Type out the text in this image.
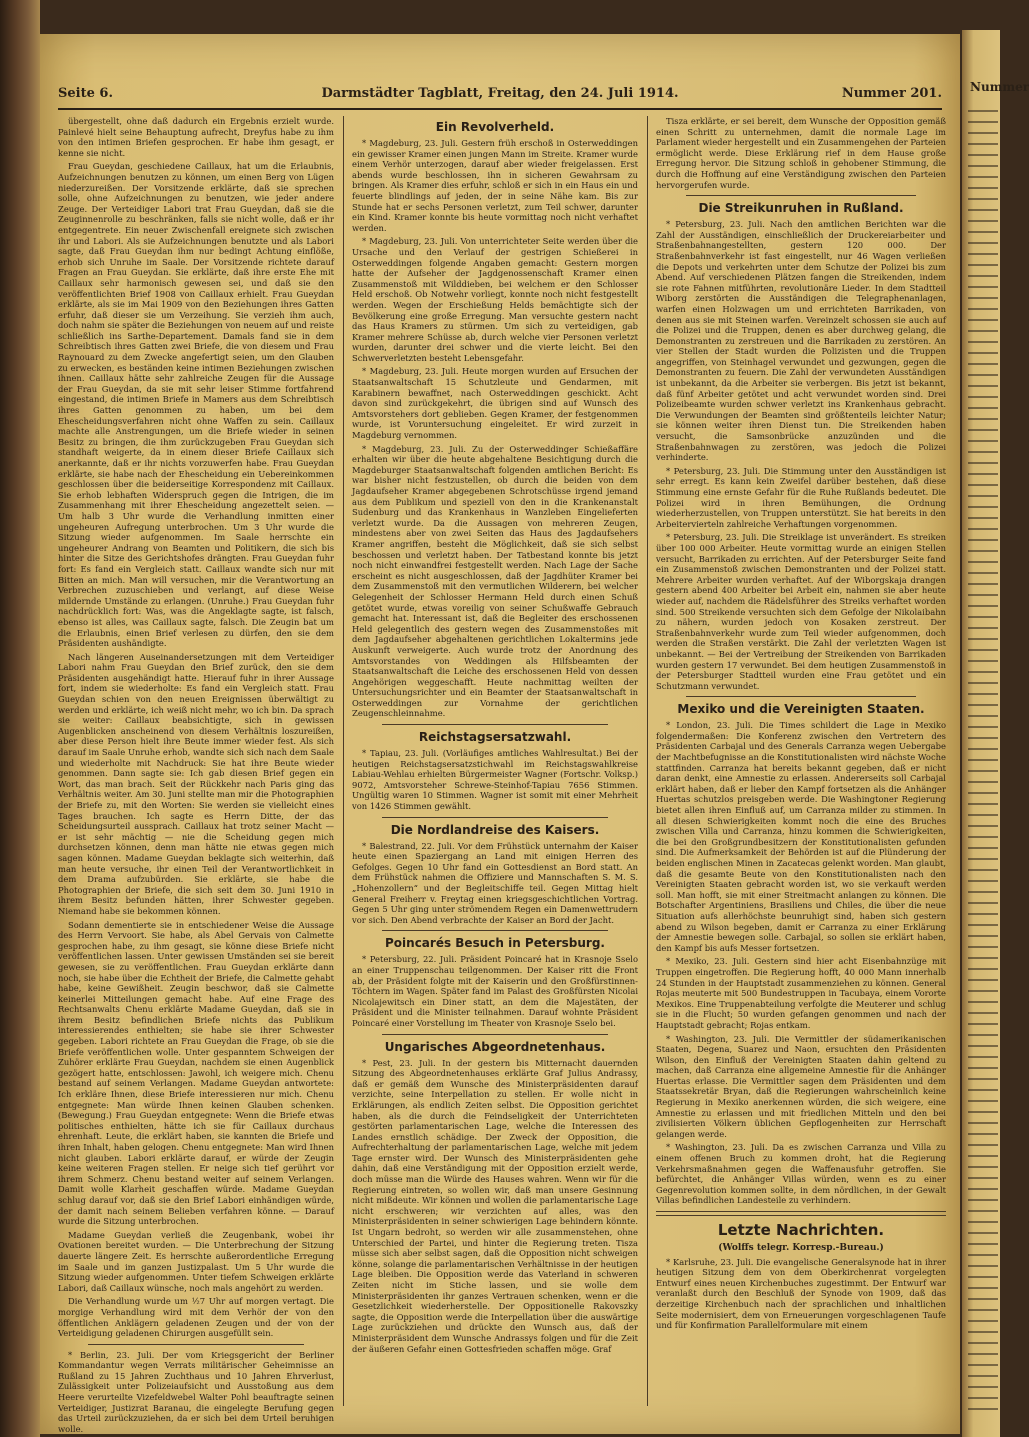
Seite 6.	Darmstädter Tagblatt, Freitag, den 24. Juli 1914.	Nummer 201.

übergestellt, ohne daß dadurch ein Ergebnis erzielt wurde. Painlevé hielt seine Behauptung aufrecht, Dreyfus habe zu ihm von den intimen Briefen gesprochen. Er habe ihm gesagt, er kenne sie nicht.

Frau Gueydan, geschiedene Caillaux, hat um die Erlaubnis, Aufzeichnungen benutzen zu können, um einen Berg von Lügen niederzureißen. Der Vorsitzende erklärte, daß sie sprechen solle, ohne Aufzeichnungen zu benutzen, wie jeder andere Zeuge. Der Verteidiger Labori trat Frau Gueydan, daß sie die Zeuginnenrolle zu beschränken, falls sie nicht wolle, daß er ihr entgegentrete. Ein neuer Zwischenfall ereignete sich zwischen ihr und Labori. Als sie Aufzeichnungen benutzte und als Labori sagte, daß Frau Gueydan ihm nur bedingt Achtung einflöße, erhob sich Unruhe im Saale. Der Vorsitzende richtete darauf Fragen an Frau Gueydan. Sie erklärte, daß ihre erste Ehe mit Caillaux sehr harmonisch gewesen sei, und daß sie den veröffentlichten Brief 1908 von Caillaux erhielt. Frau Gueydan erklärte, als sie im Mai 1909 von den Beziehungen ihres Gatten erfuhr, daß dieser sie um Verzeihung. Sie verzieh ihm auch, doch nahm sie später die Beziehungen von neuem auf und reiste schließlich ins Sarthe-Departement. Damals fand sie in dem Schreibtisch ihres Gatten zwei Briefe, die von diesem und Frau Raynouard zu dem Zwecke angefertigt seien, um den Glauben zu erwecken, es beständen keine intimen Beziehungen zwischen ihnen. Caillaux hätte sehr zahlreiche Zeugen für die Aussage der Frau Gueydan, da sie mit sehr leiser Stimme fortfahrend eingestand, die intimen Briefe in Mamers aus dem Schreibtisch ihres Gatten genommen zu haben, um bei dem Ehescheidungsverfahren nicht ohne Waffen zu sein. Caillaux machte alle Anstrengungen, um die Briefe wieder in seinen Besitz zu bringen, die ihm zurückzugeben Frau Gueydan sich standhaft weigerte, da in einem dieser Briefe Caillaux sich anerkannte, daß er ihr nichts vorzuwerfen habe. Frau Gueydan erklärte, sie habe nach der Ehescheidung ein Uebereinkommen geschlossen über die beiderseitige Korrespondenz mit Caillaux. Sie erhob lebhaften Widerspruch gegen die Intrigen, die im Zusammenhang mit ihrer Ehescheidung angezettelt seien. — Um halb 3 Uhr wurde die Verhandlung inmitten einer ungeheuren Aufregung unterbrochen. Um 3 Uhr wurde die Sitzung wieder aufgenommen. Im Saale herrschte ein ungeheurer Andrang von Beamten und Politikern, die sich bis hinter die Sitze des Gerichtshofes drängten. Frau Gueydan fuhr fort: Es fand ein Vergleich statt. Caillaux wandte sich nur mit Bitten an mich. Man will versuchen, mir die Verantwortung an Verbrechen zuzuschieben und verlangt, auf diese Weise mildernde Umstände zu erlangen. (Unruhe.) Frau Gueydan fuhr nachdrücklich fort: Was, was die Angeklagte sagte, ist falsch, ebenso ist alles, was Caillaux sagte, falsch. Die Zeugin bat um die Erlaubnis, einen Brief verlesen zu dürfen, den sie dem Präsidenten aushändigte.

Nach längeren Auseinandersetzungen mit dem Verteidiger Labori nahm Frau Gueydan den Brief zurück, den sie dem Präsidenten ausgehändigt hatte. Hierauf fuhr in ihrer Aussage fort, indem sie wiederholte: Es fand ein Vergleich statt. Frau Gueydan schien von den neuen Ereignissen überwältigt zu werden und erklärte, ich weiß nicht mehr, wo ich bin. Da sprach sie weiter: Caillaux beabsichtigte, sich in gewissen Augenblicken anscheinend von diesem Verhältnis loszureißen, aber diese Person hielt ihre Beute immer wieder fest. Als sich darauf im Saale Unruhe erhob, wandte sich sich nach dem Saale und wiederholte mit Nachdruck: Sie hat ihre Beute wieder genommen. Dann sagte sie: Ich gab diesen Brief gegen ein Wort, das man brach. Seit der Rückkehr nach Paris ging das Verhältnis weiter. Am 30. Juni stellte man mir die Photographien der Briefe zu, mit den Worten: Sie werden sie vielleicht eines Tages brauchen. Ich sagte es Herrn Ditte, der das Scheidungsurteil aussprach. Caillaux hat trotz seiner Macht — er ist sehr mächtig — nie die Scheidung gegen mich durchsetzen können, denn man hätte nie etwas gegen mich sagen können. Madame Gueydan beklagte sich weiterhin, daß man heute versuche, ihr einen Teil der Verantwortlichkeit in dem Drama aufzubürden. Sie erklärte, sie habe die Photographien der Briefe, die sich seit dem 30. Juni 1910 in ihrem Besitz befunden hätten, ihrer Schwester gegeben. Niemand habe sie bekommen können.

Sodann dementierte sie in entschiedener Weise die Aussage des Herrn Vervoort. Sie habe, als Abel Gervais von Calmette gesprochen habe, zu ihm gesagt, sie könne diese Briefe nicht veröffentlichen lassen. Unter gewissen Umständen sei sie bereit gewesen, sie zu veröffentlichen. Frau Gueydan erklärte dann noch, sie habe über die Echtheit der Briefe, die Calmette gehabt habe, keine Gewißheit. Zeugin beschwor, daß sie Calmette keinerlei Mitteilungen gemacht habe. Auf eine Frage des Rechtsanwalts Chenu erklärte Madame Gueydan, daß sie in ihrem Besitz befindlichen Briefe nichts das Publikum interessierendes enthielten; sie habe sie ihrer Schwester gegeben. Labori richtete an Frau Gueydan die Frage, ob sie die Briefe veröffentlichen wolle. Unter gespanntem Schweigen der Zuhörer erklärte Frau Gueydan, nachdem sie einen Augenblick gezögert hatte, entschlossen: Jawohl, ich weigere mich. Chenu bestand auf seinem Verlangen. Madame Gueydan antwortete: Ich erkläre Ihnen, diese Briefe interessieren nur mich. Chenu entgegnete: Man würde Ihnen keinen Glauben schenken. (Bewegung.) Frau Gueydan entgegnete: Wenn die Briefe etwas politisches enthielten, hätte ich sie für Caillaux durchaus ehrenhaft. Leute, die erklärt haben, sie kannten die Briefe und ihren Inhalt, haben gelogen. Chenu entgegnete: Man wird Ihnen nicht glauben. Labori erklärte darauf, er würde der Zeugin keine weiteren Fragen stellen. Er neige sich tief gerührt vor ihrem Schmerz. Chenu bestand weiter auf seinem Verlangen. Damit wolle Klarheit geschaffen würde. Madame Gueydan schlug darauf vor, daß sie den Brief Labori einhändigen würde, der damit nach seinem Belieben verfahren könne. — Darauf wurde die Sitzung unterbrochen.

Madame Gueydan verließ die Zeugenbank, wobei ihr Ovationen bereitet wurden. — Die Unterbrechung der Sitzung dauerte längere Zeit. Es herrschte außerordentliche Erregung im Saale und im ganzen Justizpalast. Um 5 Uhr wurde die Sitzung wieder aufgenommen. Unter tiefem Schweigen erklärte Labori, daß Caillaux wünsche, noch mals angehört zu werden.

Die Verhandlung wurde um ½7 Uhr auf morgen vertagt. Die morgige Verhandlung wird mit dem Verhör der von den öffentlichen Anklägern geladenen Zeugen und der von der Verteidigung geladenen Chirurgen ausgefüllt sein.

* Berlin, 23. Juli. Der vom Kriegsgericht der Berliner Kommandantur wegen Verrats militärischer Geheimnisse an Rußland zu 15 Jahren Zuchthaus und 10 Jahren Ehrverlust, Zulässigkeit unter Polizeiaufsicht und Ausstoßung aus dem Heere verurteilte Vizefeldwebel Walter Pohl beauftragte seinen Verteidiger, Justizrat Baranau, die eingelegte Berufung gegen das Urteil zurückzuziehen, da er sich bei dem Urteil beruhigen wolle.

Ein Revolverheld.

* Magdeburg, 23. Juli. Gestern früh erschoß in Osterweddingen ein gewisser Kramer einen jungen Mann im Streite. Kramer wurde einem Verhör unterzogen, darauf aber wieder freigelassen. Erst abends wurde beschlossen, ihn in sicheren Gewahrsam zu bringen. Als Kramer dies erfuhr, schloß er sich in ein Haus ein und feuerte blindlings auf jeden, der in seine Nähe kam. Bis zur Stunde hat er sechs Personen verletzt, zum Teil schwer, darunter ein Kind. Kramer konnte bis heute vormittag noch nicht verhaftet werden.

* Magdeburg, 23. Juli. Von unterrichteter Seite werden über die Ursache und den Verlauf der gestrigen Schießerei in Osterweddingen folgende Angaben gemacht: Gestern morgen hatte der Aufseher der Jagdgenossenschaft Kramer einen Zusammenstoß mit Wilddieben, bei welchem er den Schlosser Held erschoß. Ob Notwehr vorliegt, konnte noch nicht festgestellt werden. Wegen der Erschießung Helds bemächtigte sich der Bevölkerung eine große Erregung. Man versuchte gestern nacht das Haus Kramers zu stürmen. Um sich zu verteidigen, gab Kramer mehrere Schüsse ab, durch welche vier Personen verletzt wurden, darunter drei schwer und die vierte leicht. Bei den Schwerverletzten besteht Lebensgefahr.

* Magdeburg, 23. Juli. Heute morgen wurden auf Ersuchen der Staatsanwaltschaft 15 Schutzleute und Gendarmen, mit Karabinern bewaffnet, nach Osterweddingen geschickt. Acht davon sind zurückgekehrt, die übrigen sind auf Wunsch des Amtsvorstehers dort geblieben. Gegen Kramer, der festgenommen wurde, ist Voruntersuchung eingeleitet. Er wird zurzeit in Magdeburg vernommen.

* Magdeburg, 23. Juli. Zu der Osterweddinger Schießaffäre erhalten wir über die heute abgehaltene Besichtigung durch die Magdeburger Staatsanwaltschaft folgenden amtlichen Bericht: Es war bisher nicht festzustellen, ob durch die beiden von dem Jagdaufseher Kramer abgegebenen Schrotschüsse irgend jemand aus dem Publikum und speziell von den in die Krankenanstalt Sudenburg und das Krankenhaus in Wanzleben Eingelieferten verletzt wurde. Da die Aussagen von mehreren Zeugen, mindestens aber von zwei Seiten das Haus des Jagdaufsehers Kramer angriffen, besteht die Möglichkeit, daß sie sich selbst beschossen und verletzt haben. Der Tatbestand konnte bis jetzt noch nicht einwandfrei festgestellt werden. Nach Lage der Sache erscheint es nicht ausgeschlossen, daß der Jagdhüter Kramer bei dem Zusammenstoß mit den vermutlichen Wilderern, bei welcher Gelegenheit der Schlosser Hermann Held durch einen Schuß getötet wurde, etwas voreilig von seiner Schußwaffe Gebrauch gemacht hat. Interessant ist, daß die Begleiter des erschossenen Held gelegentlich des gestern wegen des Zusammenstoßes mit dem Jagdaufseher abgehaltenen gerichtlichen Lokaltermins jede Auskunft verweigerte. Auch wurde trotz der Anordnung des Amtsvorstandes von Weddingen als Hilfsbeamten der Staatsanwaltschaft die Leiche des erschossenen Held von dessen Angehörigen weggeschafft. Heute nachmittag weilten der Untersuchungsrichter und ein Beamter der Staatsanwaltschaft in Osterweddingen zur Vornahme der gerichtlichen Zeugenschleinnahme.

Reichstagsersatzwahl.

* Tapiau, 23. Juli. (Vorläufiges amtliches Wahlresultat.) Bei der heutigen Reichstagsersatzstichwahl im Reichstagswahlkreise Labiau-Wehlau erhielten Bürgermeister Wagner (Fortschr. Volksp.) 9072, Amtsvorsteher Schrewe-Steinhof-Tapiau 7656 Stimmen. Ungültig waren 10 Stimmen. Wagner ist somit mit einer Mehrheit von 1426 Stimmen gewählt.

Die Nordlandreise des Kaisers.

* Balestrand, 22. Juli. Vor dem Frühstück unternahm der Kaiser heute einen Spaziergang an Land mit einigen Herren des Gefolges. Gegen 10 Uhr fand ein Gottesdienst an Bord statt. An dem Frühstück nahmen die Offiziere und Mannschaften S. M. S. „Hohenzollern“ und der Begleitschiffe teil. Gegen Mittag hielt General Freiherr v. Freytag einen kriegsgeschichtlichen Vortrag. Gegen 5 Uhr ging unter strömendem Regen ein Damenwettrudern vor sich. Den Abend verbrachte der Kaiser an Bord der Jacht.

Poincarés Besuch in Petersburg.

* Petersburg, 22. Juli. Präsident Poincaré hat in Krasnoje Sselo an einer Truppenschau teilgenommen. Der Kaiser ritt die Front ab, der Präsident folgte mit der Kaiserin und den Großfürstinnen-Töchtern im Wagen. Später fand im Palast des Großfürsten Nicolai Nicolajewitsch ein Diner statt, an dem die Majestäten, der Präsident und die Minister teilnahmen. Darauf wohnte Präsident Poincaré einer Vorstellung im Theater von Krasnoje Sselo bei.

Ungarisches Abgeordnetenhaus.

* Pest, 23. Juli. In der gestern bis Mitternacht dauernden Sitzung des Abgeordnetenhauses erklärte Graf Julius Andrassy, daß er gemäß dem Wunsche des Ministerpräsidenten darauf verzichte, seine Interpellation zu stellen. Er wolle nicht in Erklärungen, als endlich Zeiten selbst. Die Opposition gerichtet haben, als die durch die Feindseligkeit der Unterrichteten gestörten parlamentarischen Lage, welche die Interessen des Landes ernstlich schädige. Der Zweck der Opposition, die Aufrechterhaltung der parlamentarischen Lage, welche mit jedem Tage ernster wird. Der Wunsch des Ministerpräsidenten gehe dahin, daß eine Verständigung mit der Opposition erzielt werde, doch müsse man die Würde des Hauses wahren. Wenn wir für die Regierung eintreten, so wollen wir, daß man unsere Gesinnung nicht mißdeute. Wir können und wollen die parlamentarische Lage nicht erschweren; wir verzichten auf alles, was den Ministerpräsidenten in seiner schwierigen Lage behindern könnte. Ist Ungarn bedroht, so werden wir alle zusammenstehen, ohne Unterschied der Partei, und hinter die Regierung treten. Tisza müsse sich aber selbst sagen, daß die Opposition nicht schweigen könne, solange die parlamentarischen Verhältnisse in der heutigen Lage bleiben. Die Opposition werde das Vaterland in schweren Zeiten nicht im Stiche lassen, und sie wolle dem Ministerpräsidenten ihr ganzes Vertrauen schenken, wenn er die Gesetzlichkeit wiederherstelle. Der Oppositionelle Rakovszky sagte, die Opposition werde die Interpellation über die auswärtige Lage zurückziehen und drückte den Wunsch aus, daß der Ministerpräsident dem Wunsche Andrassys folgen und für die Zeit der äußeren Gefahr einen Gottesfrieden schaffen möge. Graf

Tisza erklärte, er sei bereit, dem Wunsche der Opposition gemäß einen Schritt zu unternehmen, damit die normale Lage im Parlament wieder hergestellt und ein Zusammengehen der Parteien ermöglicht werde. Diese Erklärung rief in dem Hause große Erregung hervor. Die Sitzung schloß in gehobener Stimmung, die durch die Hoffnung auf eine Verständigung zwischen den Parteien hervorgerufen wurde.

Die Streikunruhen in Rußland.

* Petersburg, 23. Juli. Nach den amtlichen Berichten war die Zahl der Ausständigen, einschließlich der Druckereiarbeiter und Straßenbahnangestellten, gestern 120 000. Der Straßenbahnverkehr ist fast eingestellt, nur 46 Wagen verließen die Depots und verkehrten unter dem Schutze der Polizei bis zum Abend. Auf verschiedenen Plätzen fangen die Streikenden, indem sie rote Fahnen mitführten, revolutionäre Lieder. In dem Stadtteil Wiborg zerstörten die Ausständigen die Telegraphenanlagen, warfen einen Holzwagen um und errichteten Barrikaden, von denen aus sie mit Steinen warfen. Vereinzelt schossen sie auch auf die Polizei und die Truppen, denen es aber durchweg gelang, die Demonstranten zu zerstreuen und die Barrikaden zu zerstören. An vier Stellen der Stadt wurden die Polizisten und die Truppen angegriffen, von Steinhagel verwundet und gezwungen, gegen die Demonstranten zu feuern. Die Zahl der verwundeten Ausständigen ist unbekannt, da die Arbeiter sie verbergen. Bis jetzt ist bekannt, daß fünf Arbeiter getötet und acht verwundet worden sind. Drei Polizeibeamte wurden schwer verletzt ins Krankenhaus gebracht. Die Verwundungen der Beamten sind größtenteils leichter Natur; sie können weiter ihren Dienst tun. Die Streikenden haben versucht, die Samsonbrücke anzuzünden und die Straßenbahnwagen zu zerstören, was jedoch die Polizei verhinderte.

* Petersburg, 23. Juli. Die Stimmung unter den Ausständigen ist sehr erregt. Es kann kein Zweifel darüber bestehen, daß diese Stimmung eine ernste Gefahr für die Ruhe Rußlands bedeutet. Die Polizei wird in ihren Bemühungen, die Ordnung wiederherzustellen, von Truppen unterstützt. Sie hat bereits in den Arbeitervierteln zahlreiche Verhaftungen vorgenommen.

* Petersburg, 23. Juli. Die Streiklage ist unverändert. Es streiken über 100 000 Arbeiter. Heute vormittag wurde an einigen Stellen versucht, Barrikaden zu errichten. Auf der Petersburger Seite fand ein Zusammenstoß zwischen Demonstranten und der Polizei statt. Mehrere Arbeiter wurden verhaftet. Auf der Wiborgskaja drangen gestern abend 400 Arbeiter bei Arbeit ein, nahmen sie aber heute wieder auf, nachdem die Rädelsführer des Streiks verhaftet worden sind. 500 Streikende versuchten sich dem Gefolge der Nikolaibahn zu nähern, wurden jedoch von Kosaken zerstreut. Der Straßenbahnverkehr wurde zum Teil wieder aufgenommen, doch werden die Straßen verstärkt. Die Zahl der verletzten Wagen ist unbekannt. — Bei der Vertreibung der Streikenden von Barrikaden wurden gestern 17 verwundet. Bei dem heutigen Zusammenstoß in der Petersburger Stadtteil wurden eine Frau getötet und ein Schutzmann verwundet.

Mexiko und die Vereinigten Staaten.

* London, 23. Juli. Die Times schildert die Lage in Mexiko folgendermaßen: Die Konferenz zwischen den Vertretern des Präsidenten Carbajal und des Generals Carranza wegen Uebergabe der Machtbefugnisse an die Konstitutionalisten wird nächste Woche stattfinden. Carranza hat bereits bekannt gegeben, daß er nicht daran denkt, eine Amnestie zu erlassen. Andererseits soll Carbajal erklärt haben, daß er lieber den Kampf fortsetzen als die Anhänger Huertas schutzlos preisgeben werde. Die Washingtoner Regierung bietet allen ihren Einfluß auf, um Carranza milder zu stimmen. In all diesen Schwierigkeiten kommt noch die eine des Bruches zwischen Villa und Carranza, hinzu kommen die Schwierigkeiten, die bei den Großgrundbesitzern der Konstitutionalisten gefunden sind. Die Aufmerksamkeit der Behörden ist auf die Plünderung der beiden englischen Minen in Zacatecas gelenkt worden. Man glaubt, daß die gesamte Beute von den Konstitutionalisten nach den Vereinigten Staaten gebracht worden ist, wo sie verkauft werden soll. Man hofft, sie mit einer Streitmacht anlangen zu können. Die Botschafter Argentiniens, Brasiliens und Chiles, die über die neue Situation aufs allerhöchste beunruhigt sind, haben sich gestern abend zu Wilson begeben, damit er Carranza zu einer Erklärung der Amnestie bewegen solle. Carbajal, so sollen sie erklärt haben, den Kampf bis aufs Messer fortsetzen.

* Mexiko, 23. Juli. Gestern sind hier acht Eisenbahnzüge mit Truppen eingetroffen. Die Regierung hofft, 40 000 Mann innerhalb 24 Stunden in der Hauptstadt zusammenziehen zu können. General Rojas meuterte mit 500 Bundestruppen in Tacubaya, einem Vororte Mexikos. Eine Truppenabteilung verfolgte die Meuterer und schlug sie in die Flucht; 50 wurden gefangen genommen und nach der Hauptstadt gebracht; Rojas entkam.

* Washington, 23. Juli. Die Vermittler der südamerikanischen Staaten, Degena, Suarez und Naon, ersuchten den Präsidenten Wilson, den Einfluß der Vereinigten Staaten dahin geltend zu machen, daß Carranza eine allgemeine Amnestie für die Anhänger Huertas erlasse. Die Vermittler sagen dem Präsidenten und dem Staatssekretär Bryan, daß die Regierungen wahrscheinlich keine Regierung in Mexiko anerkennen würden, die sich weigere, eine Amnestie zu erlassen und mit friedlichen Mitteln und den bei zivilisierten Völkern üblichen Gepflogenheiten zur Herrschaft gelangen werde.

* Washington, 23. Juli. Da es zwischen Carranza und Villa zu einem offenen Bruch zu kommen droht, hat die Regierung Verkehrsmaßnahmen gegen die Waffenausfuhr getroffen. Sie befürchtet, die Anhänger Villas würden, wenn es zu einer Gegenrevolution kommen sollte, in dem nördlichen, in der Gewalt Villas befindlichen Landesteile zu verhindern.

Letzte Nachrichten.
(Wolffs telegr. Korresp.-Bureau.)

* Karlsruhe, 23. Juli. Die evangelische Generalsynode hat in ihrer heutigen Sitzung dem von dem Oberkirchenrat vorgelegten Entwurf eines neuen Kirchenbuches zugestimmt. Der Entwurf war veranlaßt durch den Beschluß der Synode von 1909, daß das derzeitige Kirchenbuch nach der sprachlichen und inhaltlichen Seite modernisiert, dem von Erneuerungen vorgeschlagenen Taufe und für Konfirmation Parallelformulare mit einem

Nummer
